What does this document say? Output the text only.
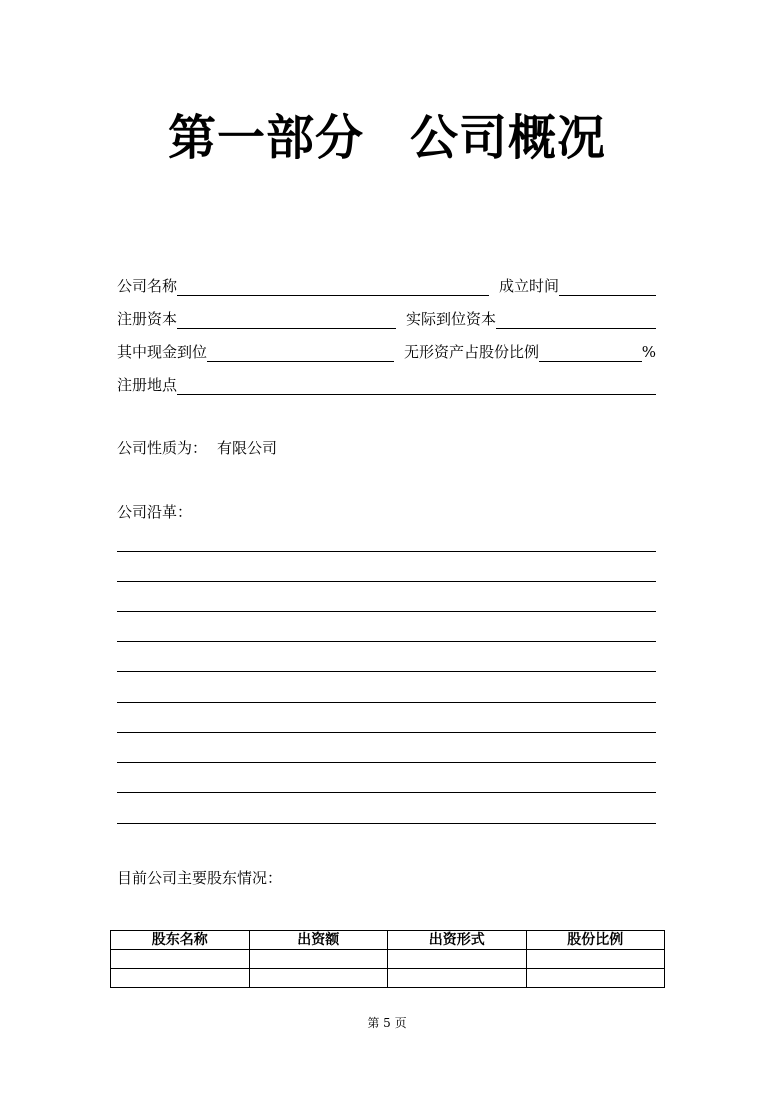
第一部分 公司概况
公司名称	成立时间
注册资本	实际到位资本
其中现金到位	无形资产占股份比例	%
注册地点
公司性质为： 有限公司
公司沿革：
目前公司主要股东情况：
股东名称	出资额	出资形式	股份比例

第 5 页
